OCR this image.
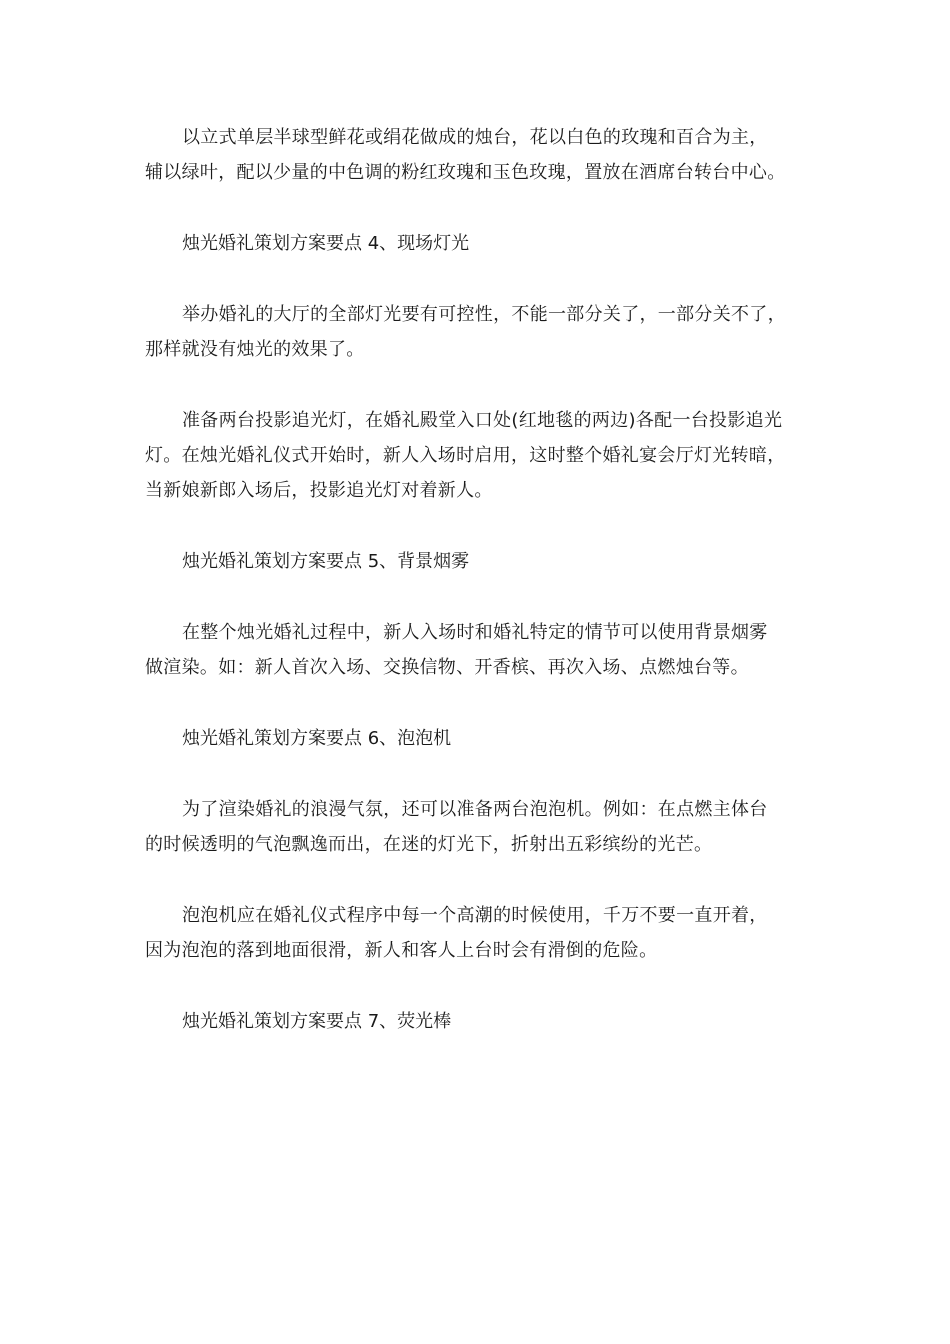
以立式单层半球型鲜花或绢花做成的烛台，花以白色的玫瑰和百合为主，
辅以绿叶，配以少量的中色调的粉红玫瑰和玉色玫瑰，置放在酒席台转台中心。

烛光婚礼策划方案要点 4、现场灯光

举办婚礼的大厅的全部灯光要有可控性，不能一部分关了，一部分关不了，
那样就没有烛光的效果了。

准备两台投影追光灯，在婚礼殿堂入口处(红地毯的两边)各配一台投影追光
灯。在烛光婚礼仪式开始时，新人入场时启用，这时整个婚礼宴会厅灯光转暗，
当新娘新郎入场后，投影追光灯对着新人。

烛光婚礼策划方案要点 5、背景烟雾

在整个烛光婚礼过程中，新人入场时和婚礼特定的情节可以使用背景烟雾
做渲染。如：新人首次入场、交换信物、开香槟、再次入场、点燃烛台等。

烛光婚礼策划方案要点 6、泡泡机

为了渲染婚礼的浪漫气氛，还可以准备两台泡泡机。例如：在点燃主体台
的时候透明的气泡飘逸而出，在迷的灯光下，折射出五彩缤纷的光芒。

泡泡机应在婚礼仪式程序中每一个高潮的时候使用，千万不要一直开着，
因为泡泡的落到地面很滑，新人和客人上台时会有滑倒的危险。

烛光婚礼策划方案要点 7、荧光棒
